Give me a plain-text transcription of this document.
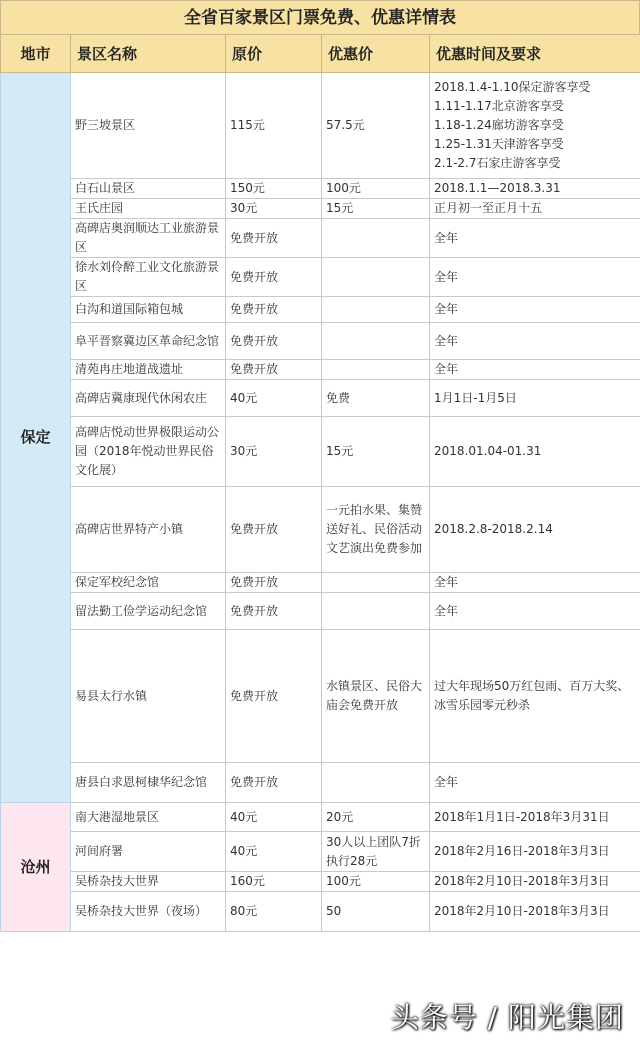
全省百家景区门票免费、优惠详情表
地市	景区名称	原价	优惠价	优惠时间及要求
保定	野三坡景区	115元	57.5元	2018.1.4-1.10保定游客享受
1.11-1.17北京游客享受
1.18-1.24廊坊游客享受
1.25-1.31天津游客享受
2.1-2.7石家庄游客享受
	白石山景区	150元	100元	2018.1.1—2018.3.31
	王氏庄园	30元	15元	正月初一至正月十五
	高碑店奥润顺达工业旅游景区	免费开放		全年
	徐水刘伶醉工业文化旅游景区	免费开放		全年
	白沟和道国际箱包城	免费开放		全年
	阜平晋察冀边区革命纪念馆	免费开放		全年
	清苑冉庄地道战遗址	免费开放		全年
	高碑店冀康现代休闲农庄	40元	免费	1月1日-1月5日
	高碑店悦动世界极限运动公园（2018年悦动世界民俗文化展）	30元	15元	2018.01.04-01.31
	高碑店世界特产小镇	免费开放	一元拍水果、集赞送好礼、民俗活动文艺演出免费参加	2018.2.8-2018.2.14
	保定军校纪念馆	免费开放		全年
	留法勤工俭学运动纪念馆	免费开放		全年
	易县太行水镇	免费开放	水镇景区、民俗大庙会免费开放	过大年现场50万红包雨、百万大奖、冰雪乐园零元秒杀
	唐县白求恩柯棣华纪念馆	免费开放		全年
沧州	南大港湿地景区	40元	20元	2018年1月1日-2018年3月31日
	河间府署	40元	30人以上团队7折执行28元	2018年2月16日-2018年3月3日
	吴桥杂技大世界	160元	100元	2018年2月10日-2018年3月3日
	吴桥杂技大世界（夜场）	80元	50	2018年2月10日-2018年3月3日
头条号 / 阳光集团
